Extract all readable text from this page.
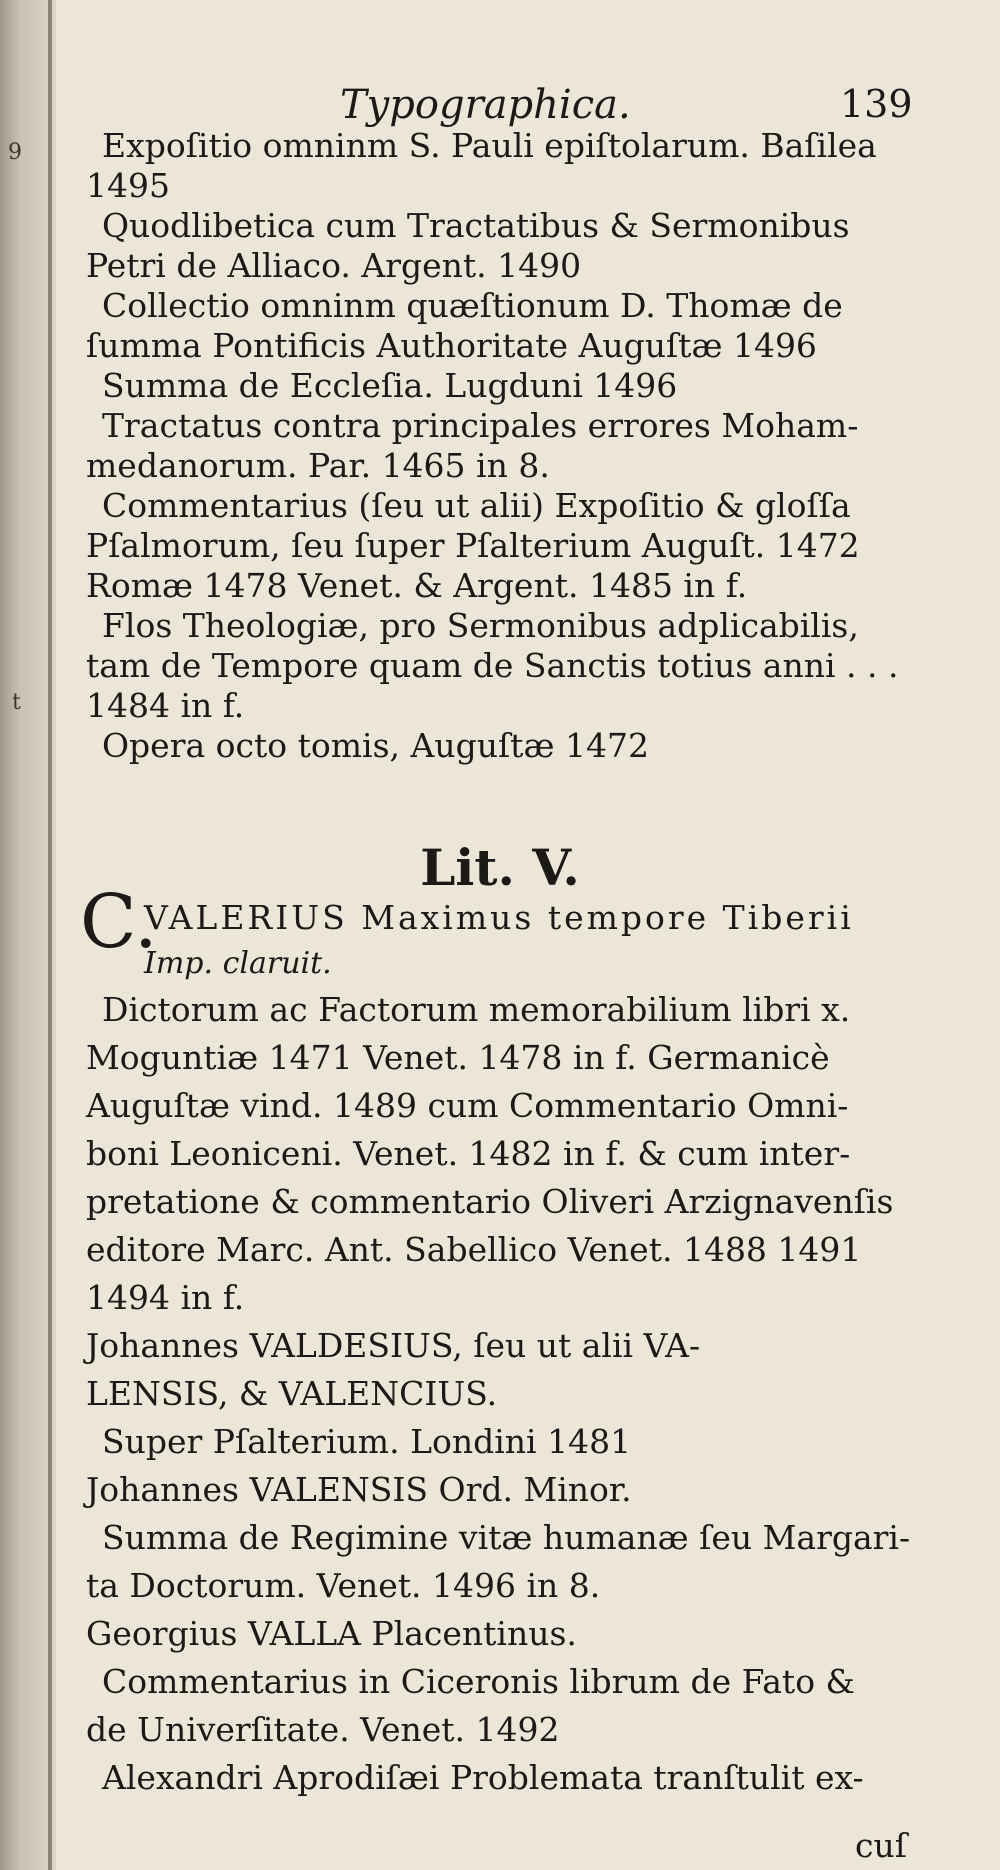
9
t
Typographica.	139
Expoſitio omninm S. Pauli epiſtolarum. Baſilea
1495
Quodlibetica cum Tractatibus & Sermonibus
Petri de Alliaco. Argent. 1490
Collectio omninm quæſtionum D. Thomæ de
ſumma Pontificis Authoritate Auguſtæ 1496
Summa de Eccleſia. Lugduni 1496
Tractatus contra principales errores Moham-
medanorum. Par. 1465 in 8.
Commentarius (ſeu ut alii) Expoſitio & gloſſa
Pſalmorum, ſeu ſuper Pſalterium Auguſt. 1472
Romæ 1478 Venet. & Argent. 1485 in f.
Flos Theologiæ, pro Sermonibus adplicabilis,
tam de Tempore quam de Sanctis totius anni . . .
1484 in f.
Opera octo tomis, Auguſtæ 1472
Lit. V.
C.
VALERIUS Maximus tempore Tiberii
Imp. claruit.
Dictorum ac Factorum memorabilium libri x.
Moguntiæ 1471 Venet. 1478 in f. Germanicè
Auguſtæ vind. 1489 cum Commentario Omni-
boni Leoniceni. Venet. 1482 in f. & cum inter-
pretatione & commentario Oliveri Arzignavenſis
editore Marc. Ant. Sabellico Venet. 1488 1491
1494 in f.
Johannes VALDESIUS, ſeu ut alii VA-
LENSIS, & VALENCIUS.
Super Pſalterium. Londini 1481
Johannes VALENSIS Ord. Minor.
Summa de Regimine vitæ humanæ ſeu Margari-
ta Doctorum. Venet. 1496 in 8.
Georgius VALLA Placentinus.
Commentarius in Ciceronis librum de Fato &
de Univerſitate. Venet. 1492
Alexandri Aprodiſæi Problemata tranſtulit ex-
cuſ
